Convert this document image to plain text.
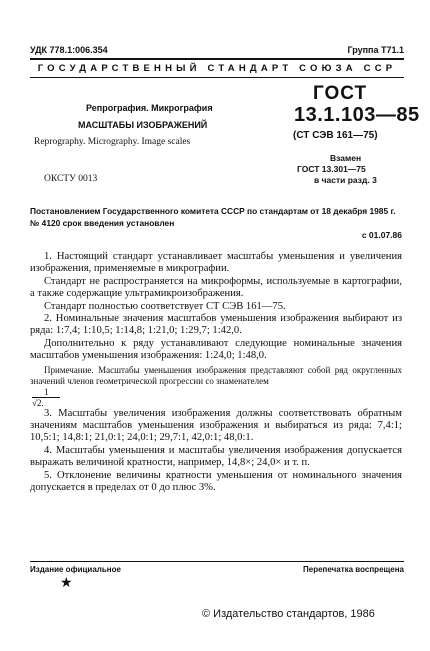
УДК 778.1:006.354	Группа Т71.1
ГОСУДАРСТВЕННЫЙ СТАНДАРТ СОЮЗА ССР
Репрография. Микрография
МАСШТАБЫ ИЗОБРАЖЕНИЙ
Reprography. Micrography. Image scales
ОКСТУ 0013
ГОСТ
13.1.103—85
(СТ СЭВ 161—75)
Взамен
ГОСТ 13.301—75
в части разд. 3
Постановлением Государственного комитета СССР по стандартам от 18 декабря 1985 г. № 4120 срок введения установлен
с 01.07.86

1. Настоящий стандарт устанавливает масштабы уменьшения и увеличения изображения, применяемые в микрографии.

Стандарт не распространяется на микроформы, используемые в картографии, а также содержащие ультрамикроизображения.

Стандарт полностью соответствует СТ СЭВ 161—75.

2. Номинальные значения масштабов уменьшения изображения выбирают из ряда: 1:7,4; 1:10,5; 1:14,8; 1:21,0; 1:29,7; 1:42,0.

Дополнительно к ряду устанавливают следующие номинальные значения масштабов уменьшения изображения: 1:24,0; 1:48,0.

Примечание. Масштабы уменьшения изображения представляют собой ряд округленных значений членов геометрической прогрессии со знаменателем

1
√2.

3. Масштабы увеличения изображения должны соответствовать обратным значениям масштабов уменьшения изображения и выбираться из ряда: 7,4:1; 10,5:1; 14,8:1; 21,0:1; 24,0:1; 29,7:1, 42,0:1; 48,0:1.

4. Масштабы уменьшения и масштабы увеличения изображения допускается выражать величиной кратности, например, 14,8×; 24,0× и т. п.

5. Отклонение величины кратности уменьшения от номинального значения допускается в пределах от 0 до плюс 3%.

Издание официальное	Перепечатка воспрещена
★
© Издательство стандартов, 1986
